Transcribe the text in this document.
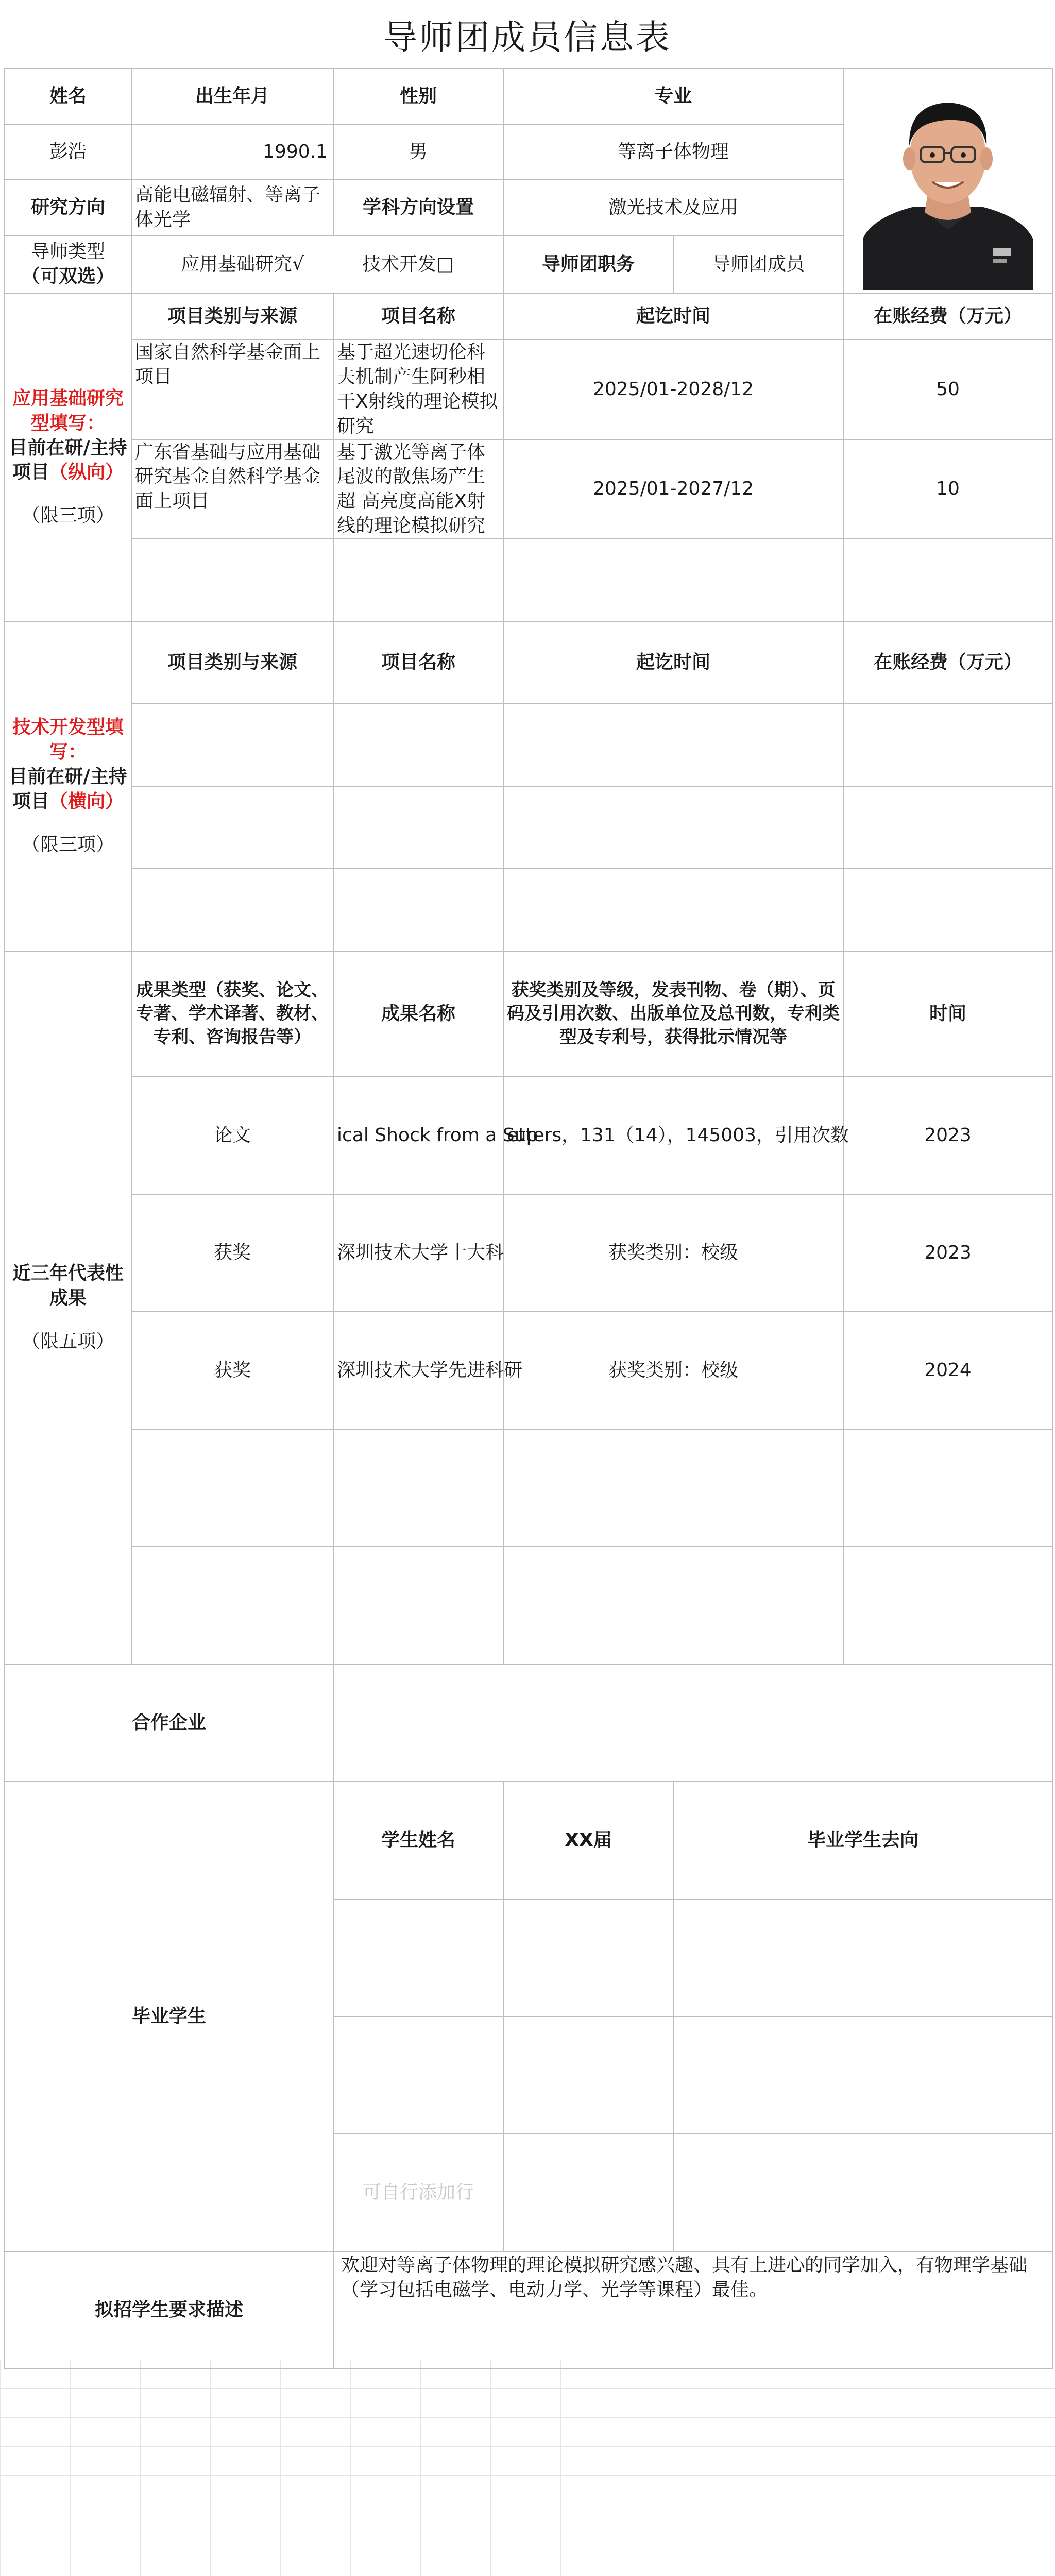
导师团成员信息表
姓名	出生年月	性别	专业	

彭浩	1990.1	男	等离子体物理		
研究方向	高能电磁辐射、等离子体光学	学科方向设置	激光技术及应用		

导师类型
（可双选）	应用基础研究√ 技术开发□		导师团职务	导师团成员	

应用基础研究型填写：
目前在研/主持项目（纵向）
（限三项）	项目类别与来源	项目名称	起讫时间		在账经费（万元）
	国家自然科学基金面上项目	基于超光速切伦科夫机制产生阿秒相干X射线的理论模拟研究	2025/01-2028/12		50
	广东省基础与应用基础研究基金自然科学基金面上项目	基于激光等离子体尾波的散焦场产生超 高亮度高能X射线的理论模拟研究	2025/01-2027/12		10

技术开发型填写：
目前在研/主持项目（横向）
（限三项）	项目类别与来源	项目名称	起讫时间		在账经费（万元）

近三年代表性成果
（限五项）	成果类型（获奖、论文、专著、学术译著、教材、专利、咨询报告等）	成果名称	获奖类别及等级，发表刊物、卷（期）、页码及引用次数、出版单位及总刊数，专利类型及专利号，获得批示情况等		时间
	论文	ical Shock from a Sup	etters，131（14），145003，引用次数		2023
	获奖	深圳技术大学十大科	获奖类别：校级		2023
	获奖	深圳技术大学先进科研	获奖类别：校级		2024

合作企业					
毕业学生		学生姓名	XX届	毕业学生去向	

		可自行添加行			
拟招学生要求描述		欢迎对等离子体物理的理论模拟研究感兴趣、具有上进心的同学加入，有物理学基础（学习包括电磁学、电动力学、光学等课程）最佳。			
